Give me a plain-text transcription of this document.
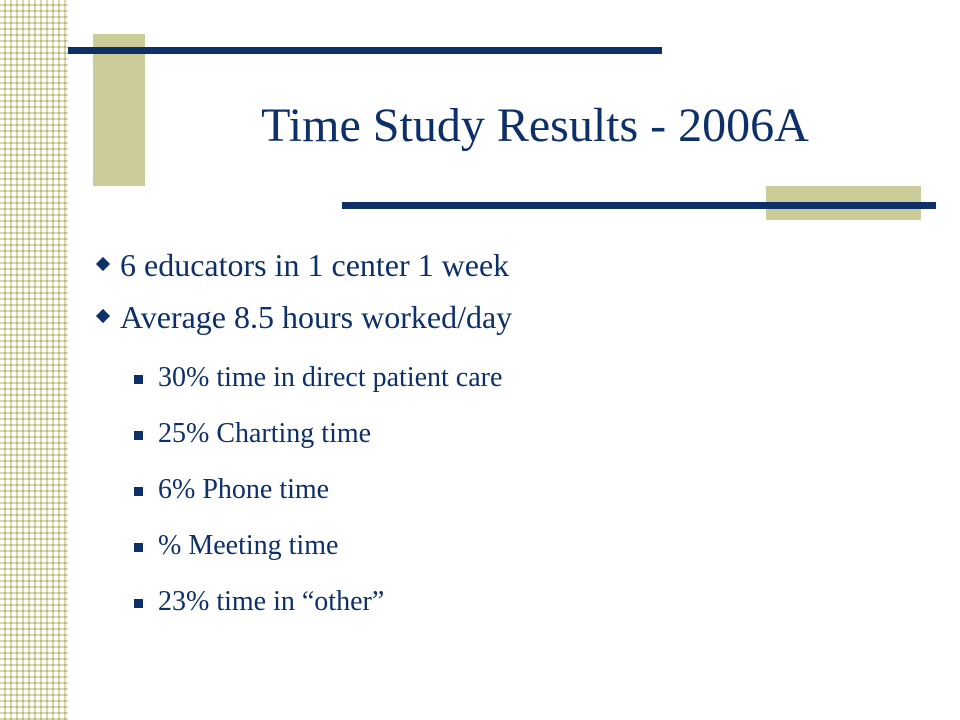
Time Study Results - 2006A
6 educators in 1 center 1 week
Average 8.5 hours worked/day
30% time in direct patient care
25% Charting time
6% Phone time
% Meeting time
23% time in “other”
